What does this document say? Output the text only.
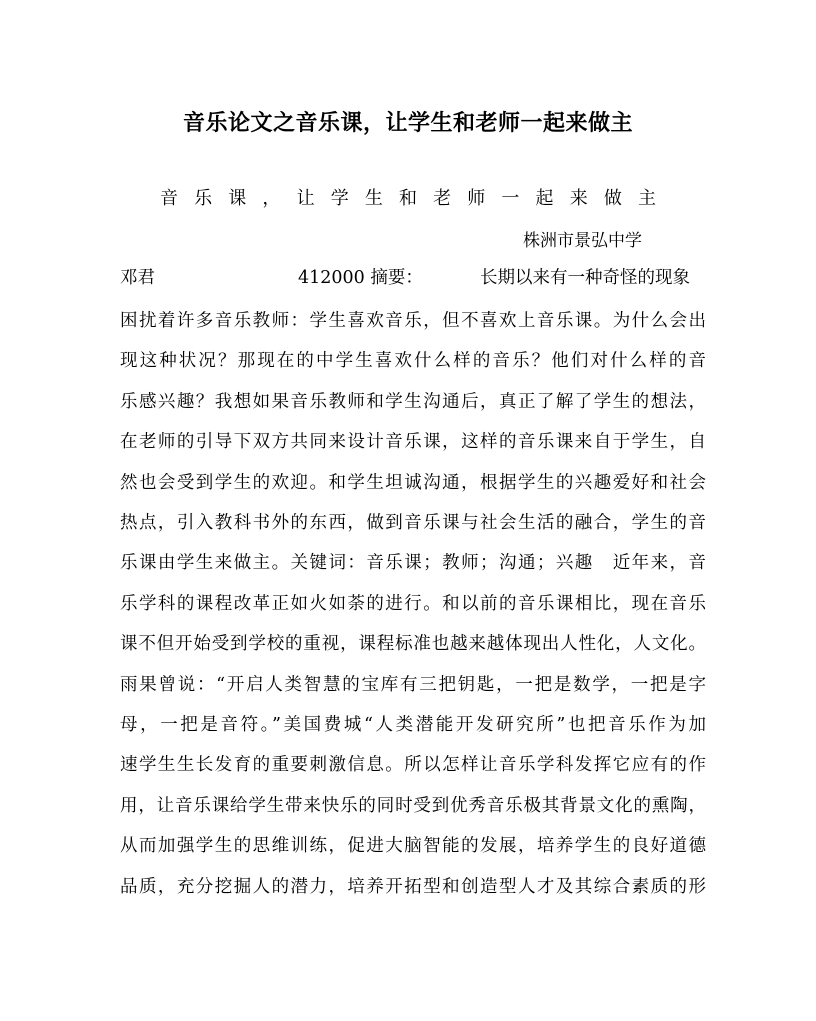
音乐论文之音乐课，让学生和老师一起来做主
音 乐 课 ， 让 学 生 和 老 师 一 起 来 做 主
株洲市景弘中学
邓君	412000 摘要：	长期以来有一种奇怪的现象
困扰着许多音乐教师：学生喜欢音乐，但不喜欢上音乐课。为什么会出
现这种状况？那现在的中学生喜欢什么样的音乐？他们对什么样的音
乐感兴趣？我想如果音乐教师和学生沟通后，真正了解了学生的想法，
在老师的引导下双方共同来设计音乐课，这样的音乐课来自于学生，自
然也会受到学生的欢迎。和学生坦诚沟通，根据学生的兴趣爱好和社会
热点，引入教科书外的东西，做到音乐课与社会生活的融合，学生的音
乐课由学生来做主。关键词：音乐课；教师；沟通；兴趣　近年来，音
乐学科的课程改革正如火如荼的进行。和以前的音乐课相比，现在音乐
课不但开始受到学校的重视，课程标准也越来越体现出人性化，人文化。
雨果曾说：“开启人类智慧的宝库有三把钥匙，一把是数学，一把是字
母，一把是音符。”美国费城“人类潜能开发研究所”也把音乐作为加
速学生生长发育的重要刺激信息。所以怎样让音乐学科发挥它应有的作
用，让音乐课给学生带来快乐的同时受到优秀音乐极其背景文化的熏陶，
从而加强学生的思维训练，促进大脑智能的发展，培养学生的良好道德
品质，充分挖掘人的潜力，培养开拓型和创造型人才及其综合素质的形
